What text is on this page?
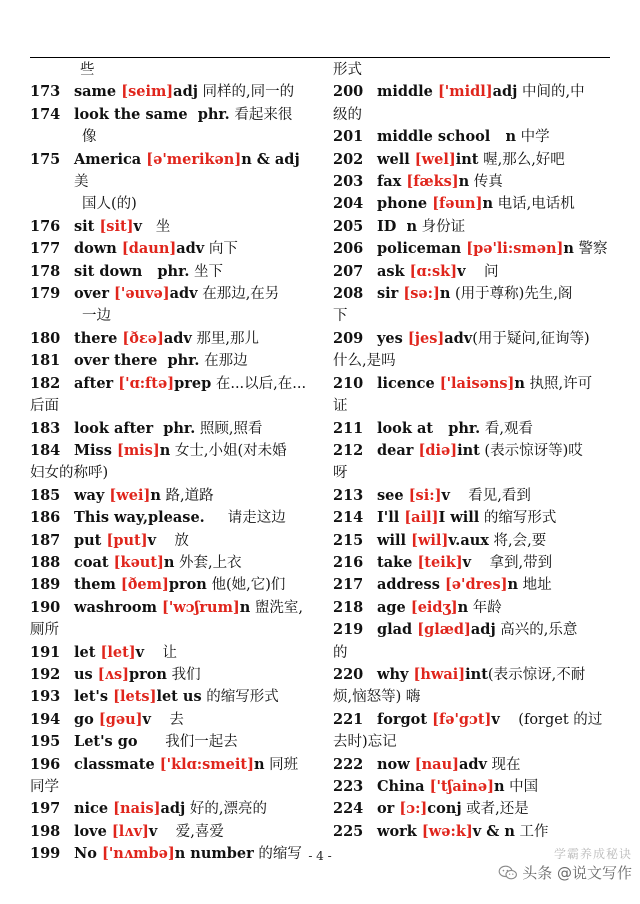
些
173 same [seim]adj 同样的,同一的
174 look the same  phr. 看起来很
像
175 America [ə'merikən]n & adj 美
国人(的)
176 sit [sit]v   坐
177 down [daun]adv 向下
178 sit down   phr. 坐下
179 over ['əuvə]adv 在那边,在另
一边
180 there [ðɛə]adv 那里,那儿
181 over there  phr. 在那边
182 after ['ɑ:ftə]prep 在...以后,在...
后面
183 look after  phr. 照顾,照看
184 Miss [mis]n 女士,小姐(对未婚
妇女的称呼)
185 way [wei]n 路,道路
186 This way,please.     请走这边
187 put [put]v    放
188 coat [kəut]n 外套,上衣
189 them [ðem]pron 他(她,它)们
190 washroom ['wɔʃrum]n 盥洗室,
厕所
191 let [let]v    让
192 us [ʌs]pron 我们
193 let's [lets]let us 的缩写形式
194 go [gəu]v    去
195 Let's go      我们一起去
196 classmate ['klɑ:smeit]n 同班
同学
197 nice [nais]adj 好的,漂亮的
198 love [lʌv]v    爱,喜爱
199 No ['nʌmbə]n number 的缩写
形式
200 middle ['midl]adj 中间的,中
级的
201 middle school   n 中学
202 well [wel]int 喔,那么,好吧
203 fax [fæks]n 传真
204 phone [fəun]n 电话,电话机
205 ID  n 身份证
206 policeman [pə'li:smən]n 警察
207 ask [ɑ:sk]v    问
208 sir [sə:]n (用于尊称)先生,阁
下
209 yes [jes]adv(用于疑问,征询等)
什么,是吗
210 licence ['laisəns]n 执照,许可
证
211 look at   phr. 看,观看
212 dear [diə]int (表示惊讶等)哎
呀
213 see [si:]v    看见,看到
214 I'll [ail]I will 的缩写形式
215 will [wil]v.aux 将,会,要
216 take [teik]v    拿到,带到
217 address [ə'dres]n 地址
218 age [eidʒ]n 年龄
219 glad [glæd]adj 高兴的,乐意
的
220 why [hwai]int(表示惊讶,不耐
烦,恼怒等) 嗨
221 forgot [fə'gɔt]v    (forget 的过
去时)忘记
222 now [nau]adv 现在
223 China ['tʃainə]n 中国
224 or [ɔ:]conj 或者,还是
225 work [wə:k]v & n 工作
- 4 -	学霸养成秘诀
头条 @说文写作
